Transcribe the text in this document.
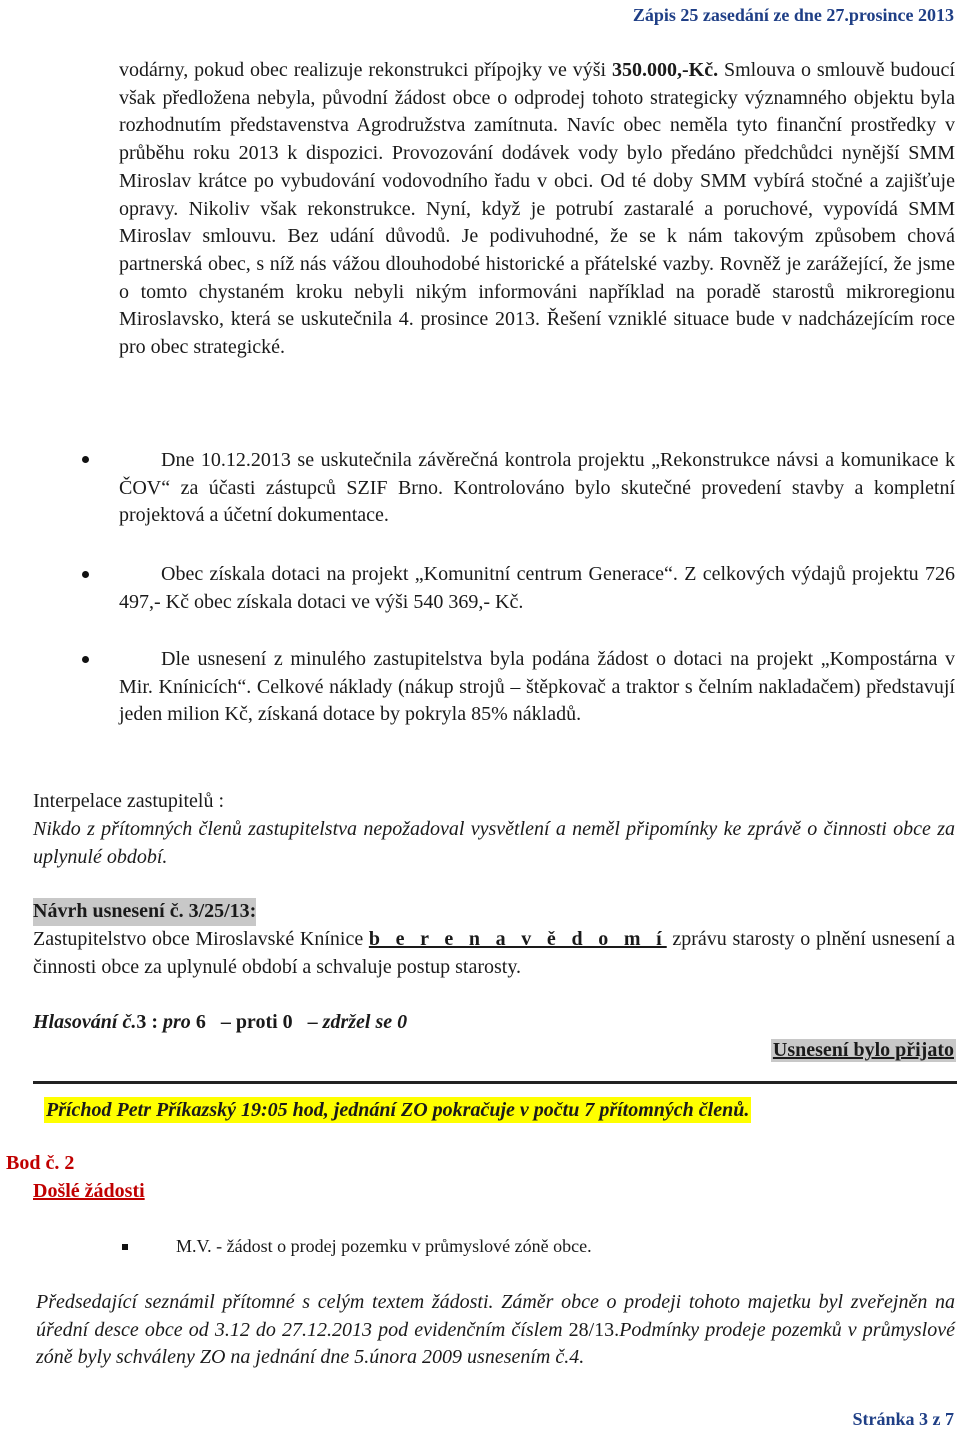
Zápis 25 zasedání ze dne 27.prosince 2013
vodárny, pokud obec realizuje rekonstrukci přípojky ve výši 350.000,-Kč. Smlouva o smlouvě budoucí však předložena nebyla, původní žádost obce o odprodej tohoto strategicky významného objektu byla rozhodnutím představenstva Agrodružstva zamítnuta. Navíc obec neměla tyto finanční prostředky v průběhu roku 2013 k dispozici. Provozování dodávek vody bylo předáno předchůdci nynější SMM Miroslav krátce po vybudování vodovodního řadu v obci. Od té doby SMM vybírá stočné a zajišťuje opravy. Nikoliv však rekonstrukce. Nyní, když je potrubí zastaralé a poruchové, vypovídá SMM Miroslav smlouvu. Bez udání důvodů. Je podivuhodné, že se k nám takovým způsobem chová partnerská obec, s níž nás vážou dlouhodobé historické a přátelské vazby. Rovněž je zarážející, že jsme o tomto chystaném kroku nebyli nikým informováni například na poradě starostů mikroregionu Miroslavsko, která se uskutečnila 4. prosince 2013. Řešení vzniklé situace bude v nadcházejícím roce pro obec strategické.
Dne 10.12.2013 se uskutečnila závěrečná kontrola projektu „Rekonstrukce návsi a komunikace k ČOV“ za účasti zástupců SZIF Brno. Kontrolováno bylo skutečné provedení stavby a kompletní projektová a účetní dokumentace.
Obec získala dotaci na projekt „Komunitní centrum Generace“. Z celkových výdajů projektu 726 497,- Kč obec získala dotaci ve výši 540 369,- Kč.
Dle usnesení z minulého zastupitelstva byla podána žádost o dotaci na projekt „Kompostárna v Mir. Knínicích“. Celkové náklady (nákup strojů – štěpkovač a traktor s čelním nakladačem) představují jeden milion Kč, získaná dotace by pokryla 85% nákladů.
Interpelace zastupitelů :
Nikdo z přítomných členů zastupitelstva nepožadoval vysvětlení a neměl připomínky ke zprávě o činnosti obce za uplynulé období.
Návrh usnesení č. 3/25/13:
Zastupitelstvo obce Miroslavské Knínice b e r e n a v ě d o m í zprávu starosty o plnění usnesení a činnosti obce za uplynulé období a schvaluje postup starosty.
Hlasování č.3 : pro 6   – proti 0   – zdržel se 0
Usnesení bylo přijato
Příchod Petr Příkazský 19:05 hod, jednání ZO pokračuje v počtu 7 přítomných členů.
Bod č. 2
Došlé žádosti
M.V. - žádost o prodej pozemku v průmyslové zóně obce.
Předsedající seznámil přítomné s celým textem žádosti. Záměr obce o prodeji tohoto majetku byl zveřejněn na úřední desce obce od 3.12 do 27.12.2013 pod evidenčním číslem 28/13.Podmínky prodeje pozemků v průmyslové zóně byly schváleny ZO na jednání dne 5.února 2009 usnesením č.4.
Stránka 3 z 7
